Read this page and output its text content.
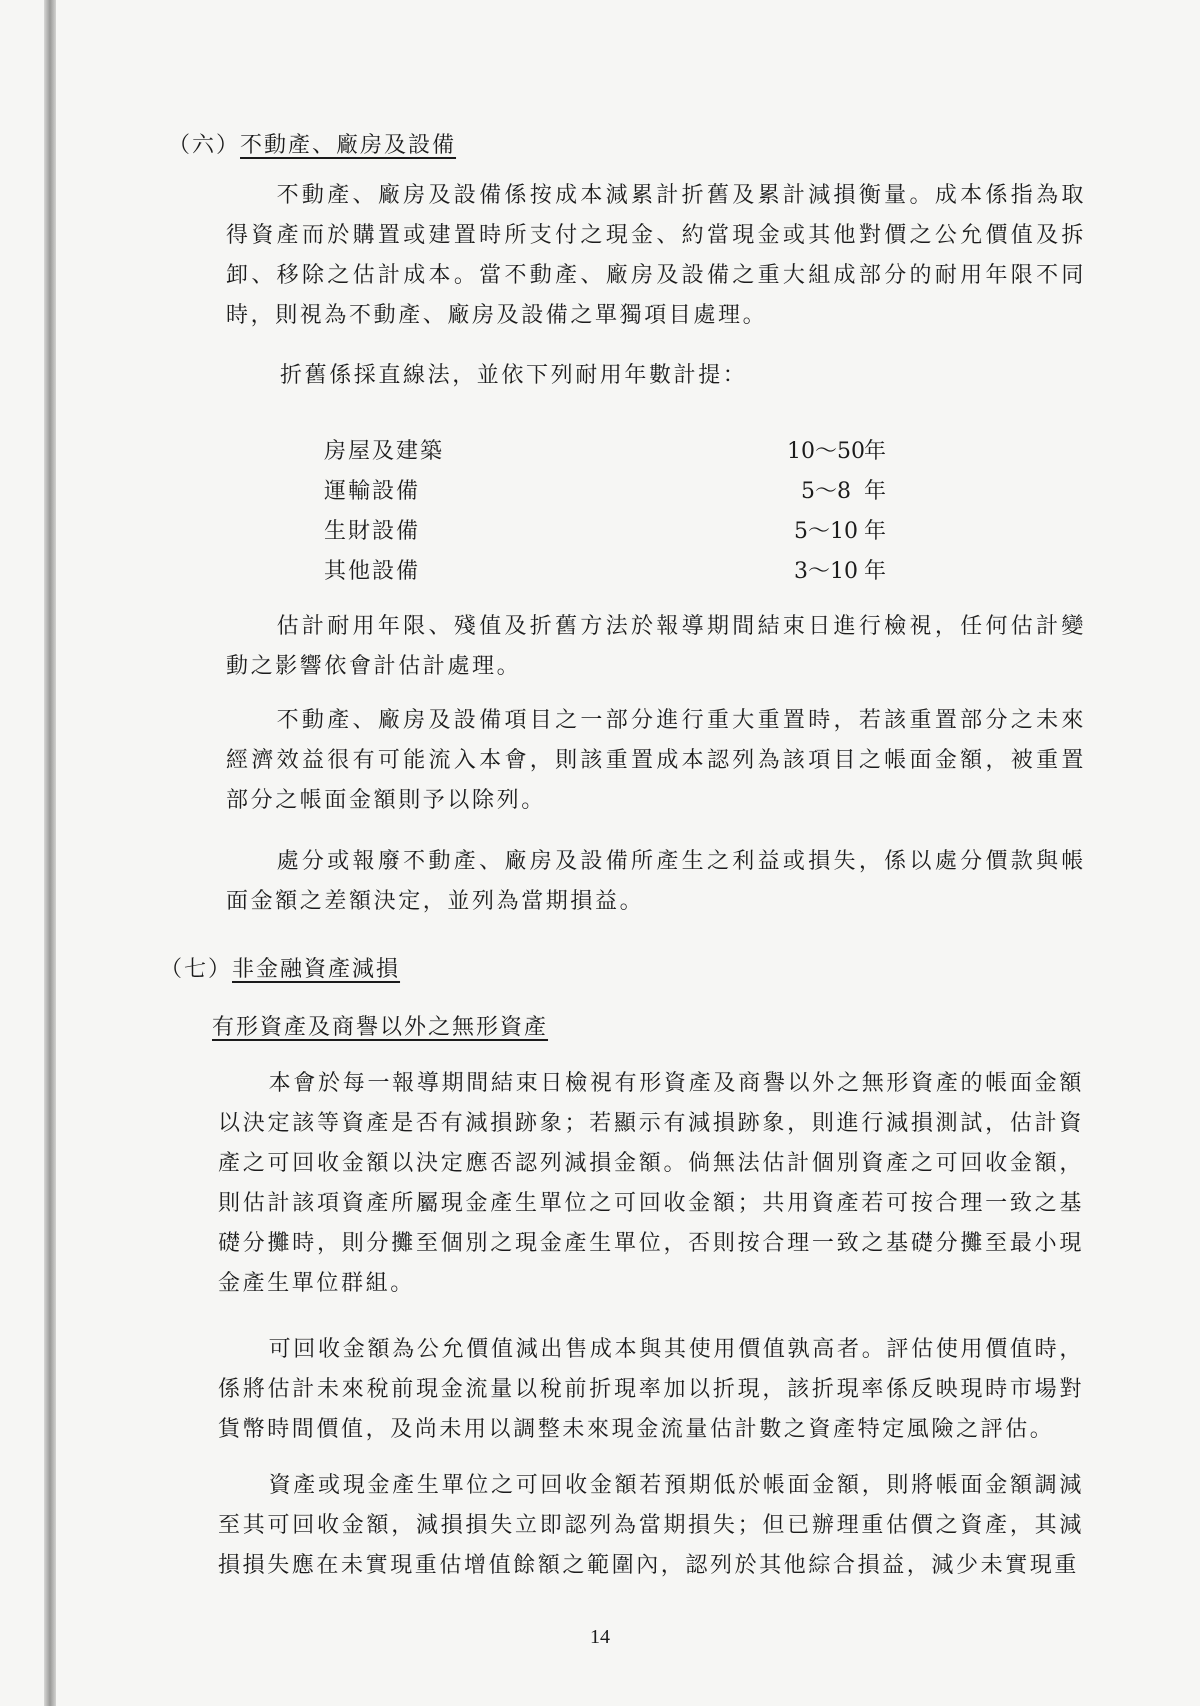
（六）不動產、廠房及設備

不動產、廠房及設備係按成本減累計折舊及累計減損衡量。成本係指為取得資產而於購置或建置時所支付之現金、約當現金或其他對價之公允價值及拆卸、移除之估計成本。當不動產、廠房及設備之重大組成部分的耐用年限不同時，則視為不動產、廠房及設備之單獨項目處理。

折舊係採直線法，並依下列耐用年數計提：

房屋及建築	10～50 年
運輸設備	5～8 年
生財設備	5～10 年
其他設備	3～10 年

估計耐用年限、殘值及折舊方法於報導期間結束日進行檢視，任何估計變動之影響依會計估計處理。

不動產、廠房及設備項目之一部分進行重大重置時，若該重置部分之未來經濟效益很有可能流入本會，則該重置成本認列為該項目之帳面金額，被重置部分之帳面金額則予以除列。

處分或報廢不動產、廠房及設備所產生之利益或損失，係以處分價款與帳面金額之差額決定，並列為當期損益。

（七）非金融資產減損
有形資產及商譽以外之無形資產

本會於每一報導期間結束日檢視有形資產及商譽以外之無形資產的帳面金額以決定該等資產是否有減損跡象；若顯示有減損跡象，則進行減損測試，估計資產之可回收金額以決定應否認列減損金額。倘無法估計個別資產之可回收金額，則估計該項資產所屬現金產生單位之可回收金額；共用資產若可按合理一致之基礎分攤時，則分攤至個別之現金產生單位，否則按合理一致之基礎分攤至最小現金產生單位群組。

可回收金額為公允價值減出售成本與其使用價值孰高者。評估使用價值時，係將估計未來稅前現金流量以稅前折現率加以折現，該折現率係反映現時市場對貨幣時間價值，及尚未用以調整未來現金流量估計數之資產特定風險之評估。

資產或現金產生單位之可回收金額若預期低於帳面金額，則將帳面金額調減至其可回收金額，減損損失立即認列為當期損失；但已辦理重估價之資產，其減損損失應在未實現重估增值餘額之範圍內，認列於其他綜合損益，減少未實現重

14
